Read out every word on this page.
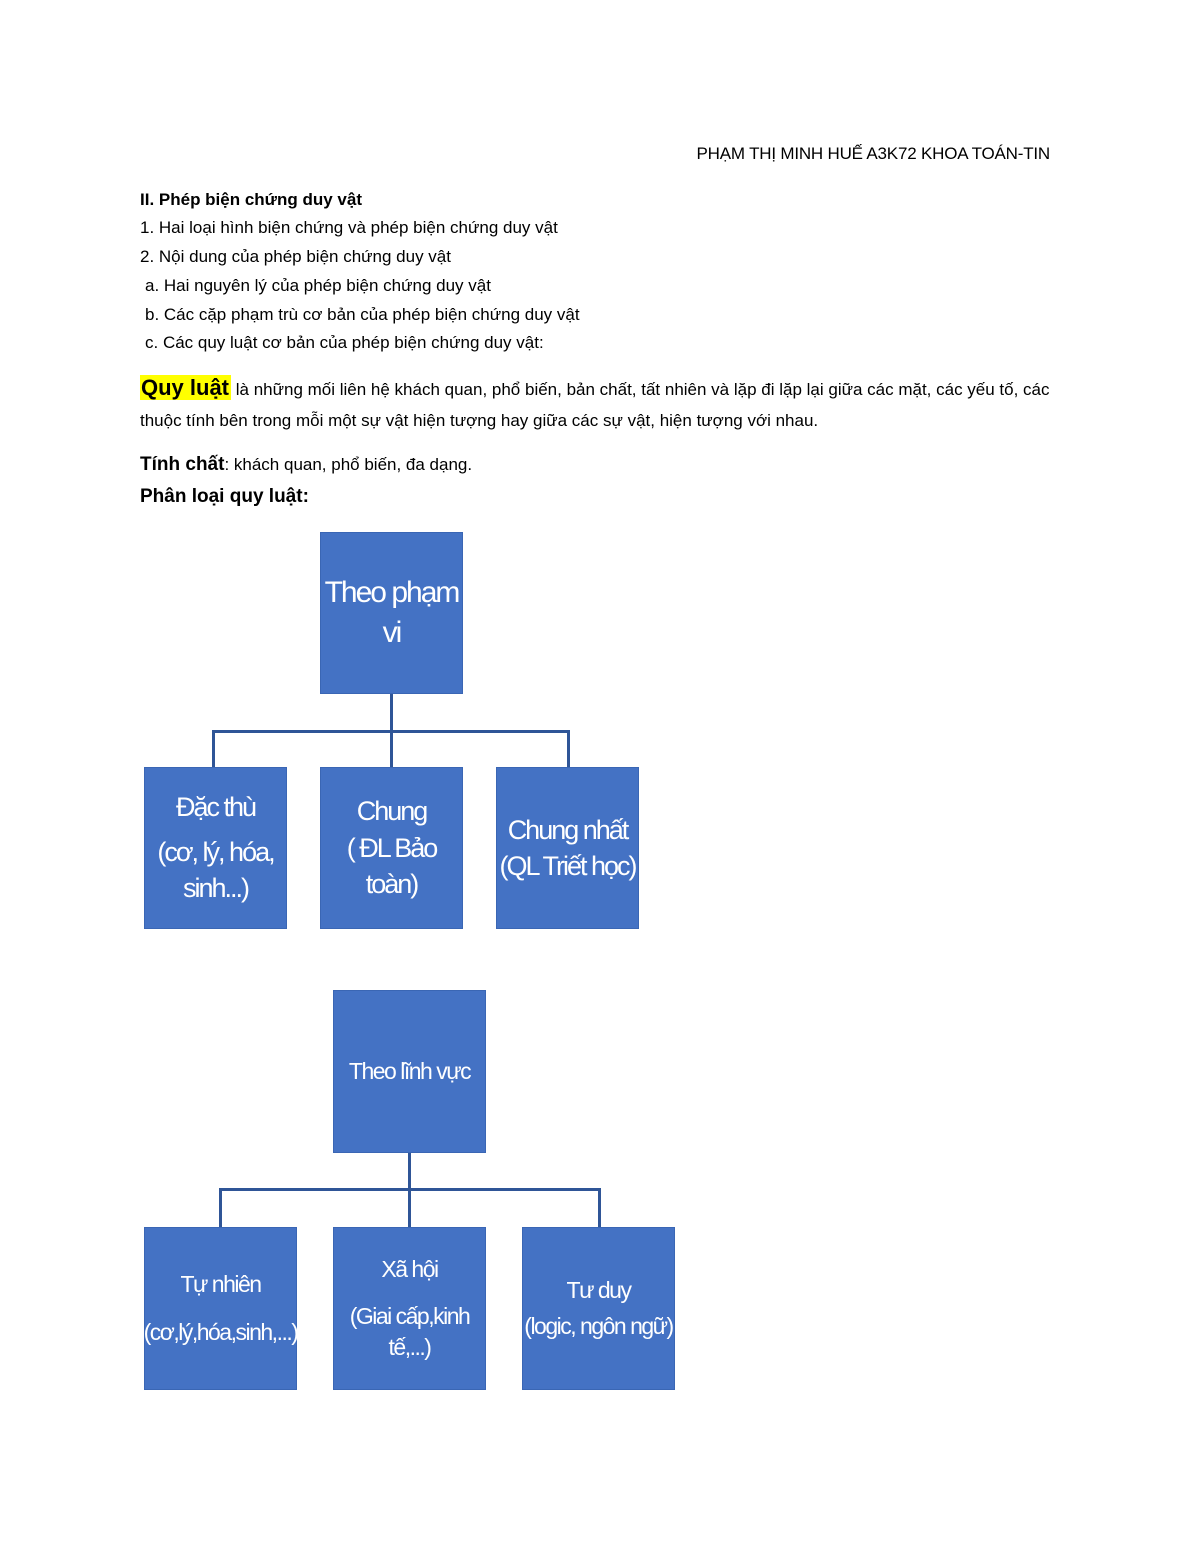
PHẠM THỊ MINH HUẾ A3K72 KHOA TOÁN-TIN
II. Phép biện chứng duy vật
1. Hai loại hình biện chứng và phép biện chứng duy vật
2. Nội dung của phép biện chứng duy vật
a. Hai nguyên lý của phép biện chứng duy vật
b. Các cặp phạm trù cơ bản của phép biện chứng duy vật
c. Các quy luật cơ bản của phép biện chứng duy vật:
Quy luật là những mối liên hệ khách quan, phổ biến, bản chất, tất nhiên và lặp đi lặp lại giữa các mặt, các yếu tố, các thuộc tính bên trong mỗi một sự vật hiện tượng hay giữa các sự vật, hiện tượng với nhau.
Tính chất: khách quan, phổ biến, đa dạng.
Phân loại quy luật:
Theo phạm vi
Đặc thù
(cơ, lý, hóa, sinh...)
Chung
( ĐL Bảo toàn)
Chung nhất
(QL Triết học)
Theo lĩnh vực
Tự nhiên
(cơ,lý,hóa,sinh,...)
Xã hội
(Giai cấp,kinh tế,...)
Tư duy
(logic, ngôn ngữ)
